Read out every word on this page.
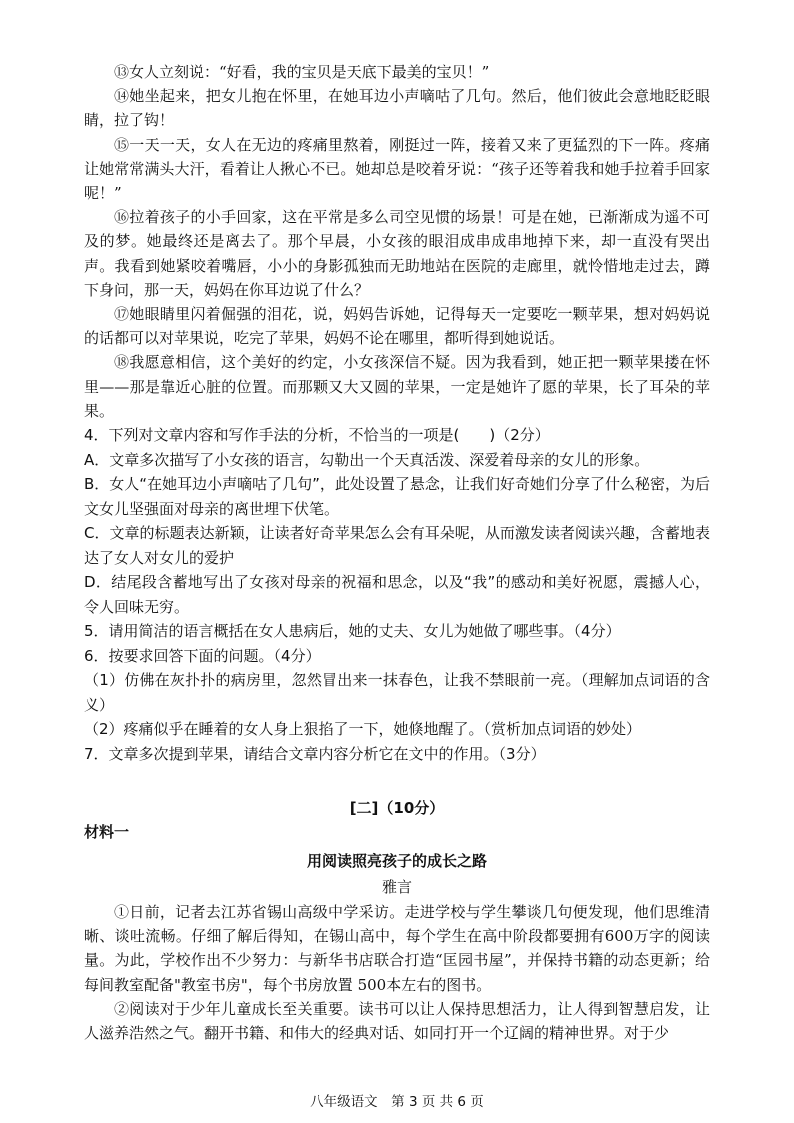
⑬女人立刻说：“好看，我的宝贝是天底下最美的宝贝！”

⑭她坐起来，把女儿抱在怀里，在她耳边小声嘀咕了几句。然后，他们彼此会意地眨眨眼睛，拉了钩！

⑮一天一天，女人在无边的疼痛里熬着，刚挺过一阵，接着又来了更猛烈的下一阵。疼痛让她常常满头大汗，看着让人揪心不已。她却总是咬着牙说：“孩子还等着我和她手拉着手回家呢！”

⑯拉着孩子的小手回家，这在平常是多么司空见惯的场景！可是在她，已渐渐成为遥不可及的梦。她最终还是离去了。那个早晨，小女孩的眼泪成串成串地掉下来，却一直没有哭出声。我看到她紧咬着嘴唇，小小的身影孤独而无助地站在医院的走廊里，就怜惜地走过去，蹲下身问，那一天，妈妈在你耳边说了什么？

⑰她眼睛里闪着倔强的泪花，说，妈妈告诉她，记得每天一定要吃一颗苹果，想对妈妈说的话都可以对苹果说，吃完了苹果，妈妈不论在哪里，都听得到她说话。

⑱我愿意相信，这个美好的约定，小女孩深信不疑。因为我看到，她正把一颗苹果搂在怀里——那是靠近心脏的位置。而那颗又大又圆的苹果，一定是她许了愿的苹果，长了耳朵的苹果。

4．下列对文章内容和写作手法的分析，不恰当的一项是(　　)（2分）

A．文章多次描写了小女孩的语言，勾勒出一个天真活泼、深爱着母亲的女儿的形象。

B．女人“在她耳边小声嘀咕了几句”，此处设置了悬念，让我们好奇她们分享了什么秘密，为后文女儿坚强面对母亲的离世埋下伏笔。

C．文章的标题表达新颖，让读者好奇苹果怎么会有耳朵呢，从而激发读者阅读兴趣，含蓄地表达了女人对女儿的爱护

D．结尾段含蓄地写出了女孩对母亲的祝福和思念，以及“我”的感动和美好祝愿，震撼人心，令人回味无穷。

5．请用简洁的语言概括在女人患病后，她的丈夫、女儿为她做了哪些事。（4分）

6．按要求回答下面的问题。（4分）

（1）仿佛在灰扑扑的病房里，忽然冒出来一抹春色，让我不禁眼前一亮。（理解加点词语的含义）

（2）疼痛似乎在睡着的女人身上狠掐了一下，她倏地醒了。（赏析加点词语的妙处）

7．文章多次提到苹果，请结合文章内容分析它在文中的作用。（3分）

[二]（10分）

材料一

用阅读照亮孩子的成长之路

雅言

①日前，记者去江苏省锡山高级中学采访。走进学校与学生攀谈几句便发现，他们思维清晰、谈吐流畅。仔细了解后得知，在锡山高中，每个学生在高中阶段都要拥有600万字的阅读量。为此，学校作出不少努力：与新华书店联合打造“匡园书屋”，并保持书籍的动态更新；给每间教室配备"教室书房"，每个书房放置 500本左右的图书。

②阅读对于少年儿童成长至关重要。读书可以让人保持思想活力，让人得到智慧启发，让人滋养浩然之气。翻开书籍、和伟大的经典对话、如同打开一个辽阔的精神世界。对于少

八年级语文　第 3 页 共 6 页
